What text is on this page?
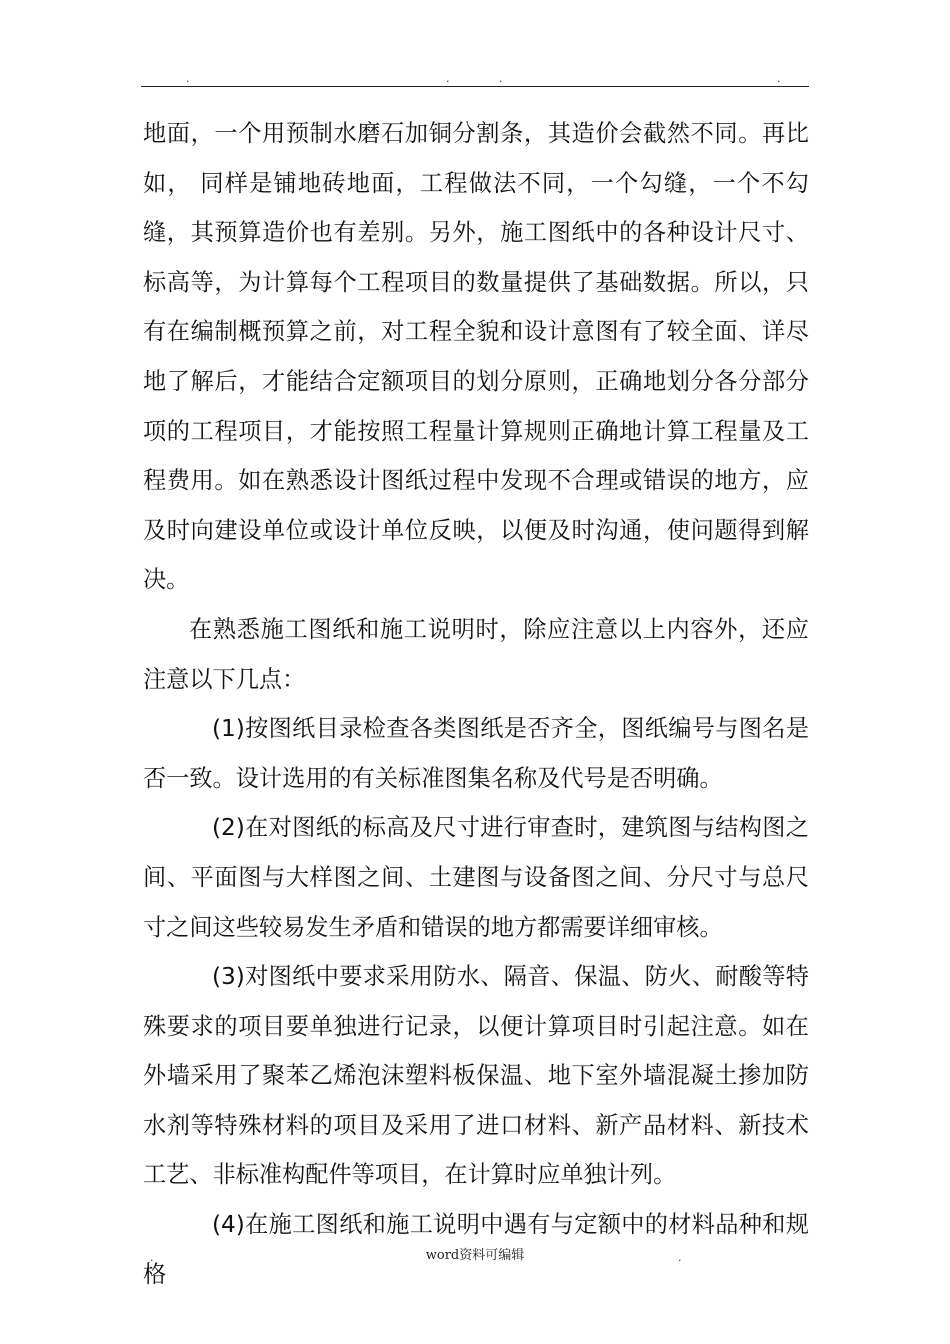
.	.	.	.

地面，一个用预制水磨石加铜分割条，其造价会截然不同。再比如， 同样是铺地砖地面，工程做法不同，一个勾缝，一个不勾缝，其预算造价也有差别。另外，施工图纸中的各种设计尺寸、标高等，为计算每个工程项目的数量提供了基础数据。所以，只有在编制概预算之前，对工程全貌和设计意图有了较全面、详尽地了解后，才能结合定额项目的划分原则，正确地划分各分部分项的工程项目，才能按照工程量计算规则正确地计算工程量及工程费用。如在熟悉设计图纸过程中发现不合理或错误的地方，应及时向建设单位或设计单位反映，以便及时沟通，使问题得到解决。

在熟悉施工图纸和施工说明时，除应注意以上内容外，还应注意以下几点：

(1)按图纸目录检查各类图纸是否齐全，图纸编号与图名是否一致。设计选用的有关标准图集名称及代号是否明确。

(2)在对图纸的标高及尺寸进行审查时，建筑图与结构图之间、平面图与大样图之间、土建图与设备图之间、分尺寸与总尺寸之间这些较易发生矛盾和错误的地方都需要详细审核。

(3)对图纸中要求采用防水、隔音、保温、防火、耐酸等特殊要求的项目要单独进行记录，以便计算项目时引起注意。如在外墙采用了聚苯乙烯泡沫塑料板保温、地下室外墙混凝土掺加防水剂等特殊材料的项目及采用了进口材料、新产品材料、新技术工艺、非标准构配件等项目，在计算时应单独计列。

(4)在施工图纸和施工说明中遇有与定额中的材料品种和规格

.	word资料可编辑	.
